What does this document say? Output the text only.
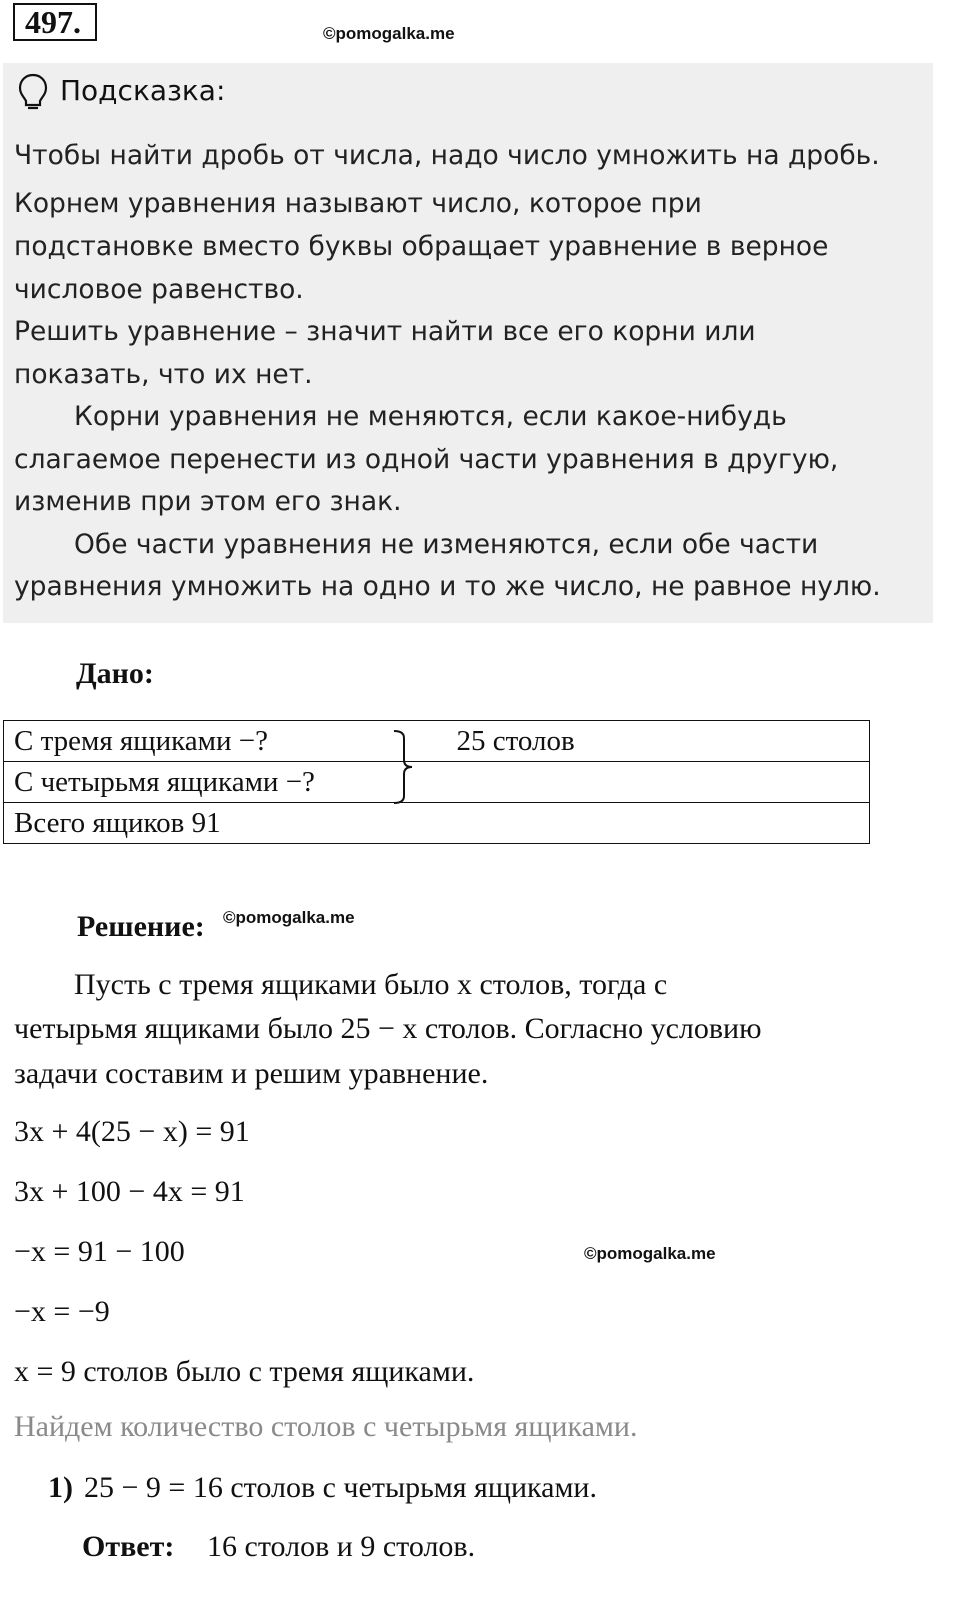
497.	©pomogalka.me
Подсказка:
Чтобы найти дробь от числа, надо число умножить на дробь.
Корнем уравнения называют число, которое при
подстановке вместо буквы обращает уравнение в верное
числовое равенство.
Решить уравнение – значит найти все его корни или
показать, что их нет.
Корни уравнения не меняются, если какое-нибудь
слагаемое перенести из одной части уравнения в другую,
изменив при этом его знак.
Обе части уравнения не изменяются, если обе части
уравнения умножить на одно и то же число, не равное нулю.
Дано:
С тремя ящиками −?	25 столов

С четырьмя ящиками −?
Всего ящиков 91
Решение: ©pomogalka.me
Пусть с тремя ящиками было x столов, тогда с
четырьмя ящиками было 25 − x столов. Согласно условию
задачи составим и решим уравнение.
3x + 4(25 − x) = 91
3x + 100 − 4x = 91
−x = 91 − 100	©pomogalka.me
−x = −9
x = 9 столов было с тремя ящиками.
Найдем количество столов с четырьмя ящиками.
1) 25 − 9 = 16 столов с четырьмя ящиками.
Ответ: 16 столов и 9 столов.
